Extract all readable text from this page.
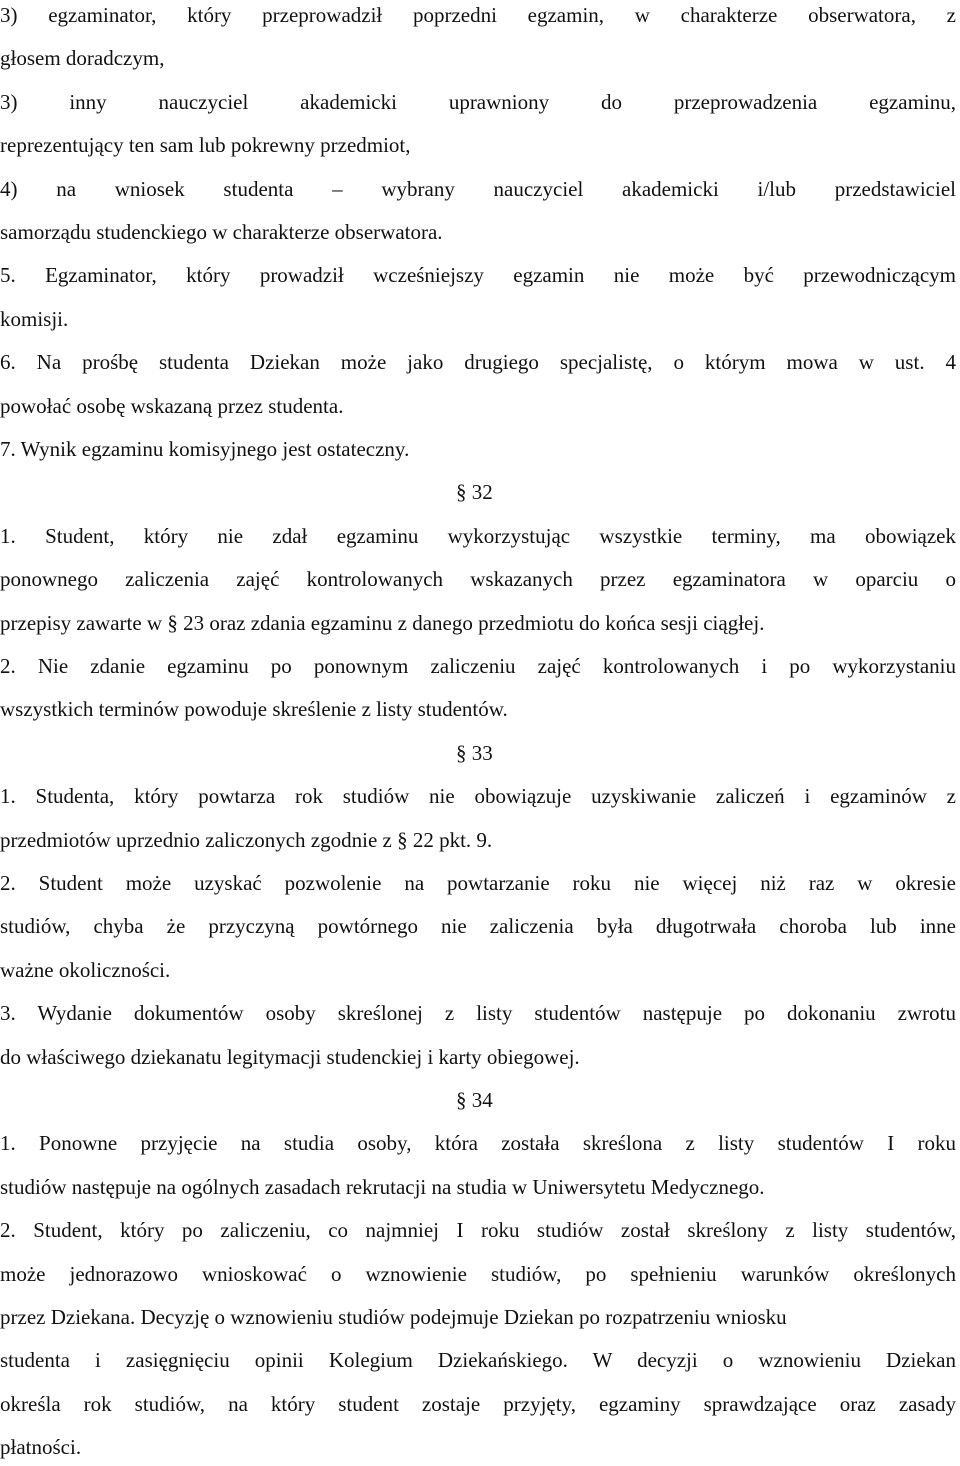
3) egzaminator, który przeprowadził poprzedni egzamin, w charakterze obserwatora, z
głosem doradczym,
3) inny nauczyciel akademicki uprawniony do przeprowadzenia egzaminu,
reprezentujący ten sam lub pokrewny przedmiot,
4) na wniosek studenta – wybrany nauczyciel akademicki i/lub przedstawiciel
samorządu studenckiego w charakterze obserwatora.
5. Egzaminator, który prowadził wcześniejszy egzamin nie może być przewodniczącym
komisji.
6. Na prośbę studenta Dziekan może jako drugiego specjalistę, o którym mowa w ust. 4
powołać osobę wskazaną przez studenta.
7. Wynik egzaminu komisyjnego jest ostateczny.
§ 32
1. Student, który nie zdał egzaminu wykorzystując wszystkie terminy, ma obowiązek
ponownego zaliczenia zajęć kontrolowanych wskazanych przez egzaminatora w oparciu o
przepisy zawarte w § 23 oraz zdania egzaminu z danego przedmiotu do końca sesji ciągłej.
2. Nie zdanie egzaminu po ponownym zaliczeniu zajęć kontrolowanych i po wykorzystaniu
wszystkich terminów powoduje skreślenie z listy studentów.
§ 33
1. Studenta, który powtarza rok studiów nie obowiązuje uzyskiwanie zaliczeń i egzaminów z
przedmiotów uprzednio zaliczonych zgodnie z § 22 pkt. 9.
2. Student może uzyskać pozwolenie na powtarzanie roku nie więcej niż raz w okresie
studiów, chyba że przyczyną powtórnego nie zaliczenia była długotrwała choroba lub inne
ważne okoliczności.
3. Wydanie dokumentów osoby skreślonej z listy studentów następuje po dokonaniu zwrotu
do właściwego dziekanatu legitymacji studenckiej i karty obiegowej.
§ 34
1. Ponowne przyjęcie na studia osoby, która została skreślona z listy studentów I roku
studiów następuje na ogólnych zasadach rekrutacji na studia w Uniwersytetu Medycznego.
2. Student, który po zaliczeniu, co najmniej I roku studiów został skreślony z listy studentów,
może jednorazowo wnioskować o wznowienie studiów, po spełnieniu warunków określonych
przez Dziekana. Decyzję o wznowieniu studiów podejmuje Dziekan po rozpatrzeniu wniosku
studenta i zasięgnięciu opinii Kolegium Dziekańskiego. W decyzji o wznowieniu Dziekan
określa rok studiów, na który student zostaje przyjęty, egzaminy sprawdzające oraz zasady
płatności.
